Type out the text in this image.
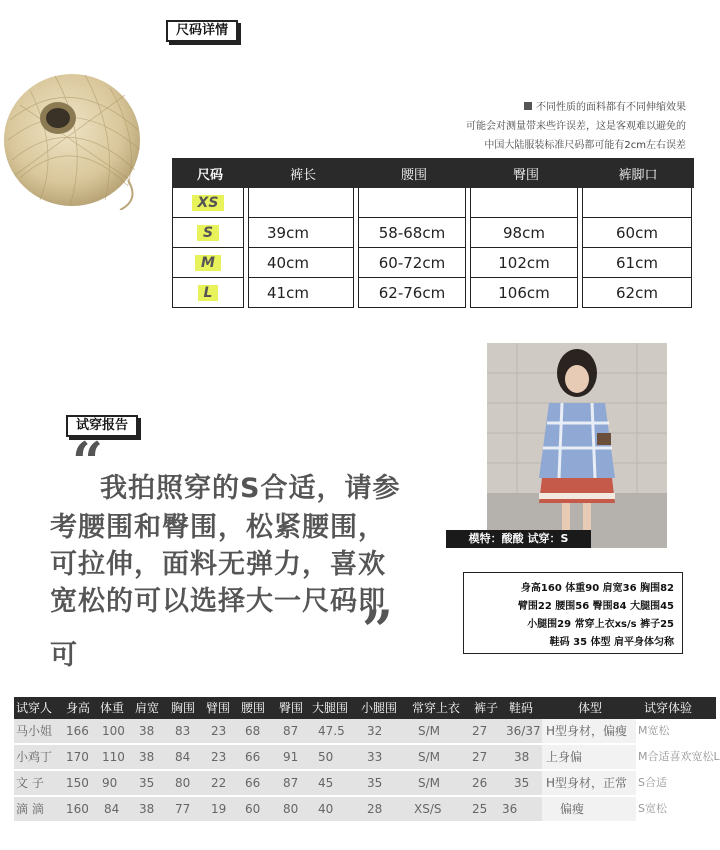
尺码详情
不同性质的面料都有不同伸缩效果
可能会对测量带来些许误差，这是客观难以避免的
中国大陆服装标准尺码都可能有2cm左右误差
尺码	裤长	腰围	臀围	裤脚口
XS
S	39cm	58-68cm	98cm	60cm
M	40cm	60-72cm	102cm	61cm
L	41cm	62-76cm	106cm	62cm
试穿报告
“
我拍照穿的S合适，请参
考腰围和臀围，松紧腰围，
可拉伸，面料无弹力，喜欢
宽松的可以选择大一尺码即
”
可
模特：酸酸 试穿：S
身高160 体重90 肩宽36 胸围82
臂围22 腰围56 臀围84 大腿围45
小腿围29 常穿上衣xs/s 裤子25
鞋码 35 体型 肩平身体匀称
试穿人 身高 体重 肩宽 胸围 臂围 腰围 臀围 大腿围 小腿围 常穿上衣 裤子 鞋码	体型	试穿体验
马小姐 166 100 38 83 23 68 87 47.5 32	S/M	27 36/37 H型身材，偏瘦 M宽松
小鸡丁 170 110 38 84 23 66 91 50	33	S/M	27 38 上身偏	M合适喜欢宽松L
文 子 150 90 35 80 22 66 87 45	35	S/M	26 35 H型身材，正常 S合适
滴 滴 160 84 38 77 19 60 80 40	28	XS/S	25 36	偏瘦	S宽松
